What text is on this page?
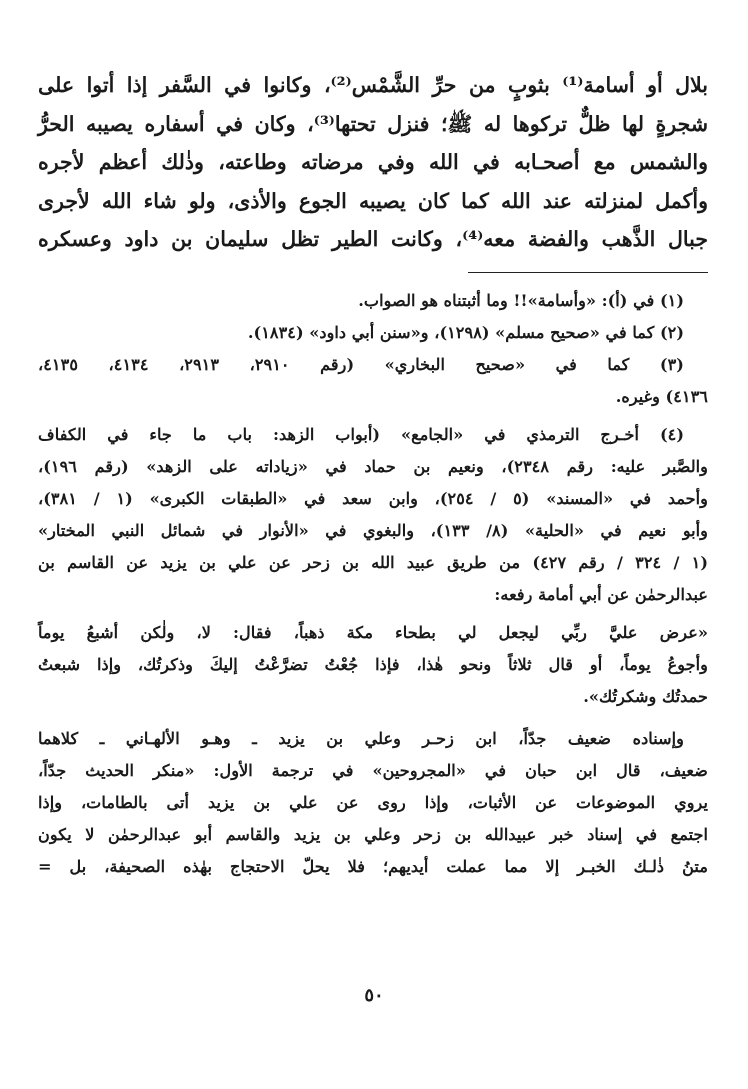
بلال أو أسامة⁽¹⁾ بثوبٍ من حرِّ الشَّمْس⁽²⁾، وكانوا في السَّفر إذا أتوا على

شجرةٍ لها ظلٌّ تركوها له ﷺ؛ فنزل تحتها⁽³⁾، وكان في أسفاره يصيبه الحرُّ

والشمس مع أصحـابه في الله وفي مرضاته وطاعته، وذٰلك أعظم لأجره

وأكمل لمنزلته عند الله كما كان يصيبه الجوع والأذى، ولو شاء الله لأجرى

جبال الذَّهب والفضة معه⁽⁴⁾، وكانت الطير تظل سليمان بن داود وعسكره

(١) في (أ): «وأسامة»!! وما أثبتناه هو الصواب.

(٢) كما في «صحيح مسلم» (١٢٩٨)، و«سنن أبي داود» (١٨٣٤).

(٣) كما في «صحيح البخاري» (رقم ٢٩١٠، ٢٩١٣، ٤١٣٤، ٤١٣٥،

٤١٣٦) وغيره.

(٤) أخـرج الترمذي في «الجامع» (أبواب الزهد: باب ما جاء في الكفاف

والصَّبر عليه: رقم ٢٣٤٨)، ونعيم بن حماد في «زياداته على الزهد» (رقم ١٩٦)،

وأحمد في «المسند» (٥ / ٢٥٤)، وابن سعد في «الطبقات الكبرى» (١ / ٣٨١)،

وأبو نعيم في «الحلية» (٨/ ١٣٣)، والبغوي في «الأنوار في شمائل النبي المختار»

(١ / ٣٢٤ / رقم ٤٢٧) من طريق عبيد الله بن زحر عن علي بن يزيد عن القاسم بن

عبدالرحمٰن عن أبي أمامة رفعه:

«عرض عليَّ ربِّي ليجعل لي بطحاء مكة ذهباً، فقال: لا، ولٰكن أشبعُ يوماً

وأجوعُ يوماً، أو قال ثلاثاً ونحو هٰذا، فإذا جُعْتُ تضرَّعْتُ إليكَ وذكرتُك، وإذا شبعتُ

حمدتُك وشكرتُك».

وإسناده ضعيف جدّاً، ابن زحـر وعلي بن يزيد ـ وهـو الألهـاني ـ كلاهما

ضعيف، قال ابن حبان في «المجروحين» في ترجمة الأول: «منكر الحديث جدّاً،

يروي الموضوعات عن الأثبات، وإذا روى عن علي بن يزيد أتى بالطامات، وإذا

اجتمع في إسناد خبر عبيدالله بن زحر وعلي بن يزيد والقاسم أبو عبدالرحمٰن لا يكون

متنُ ذٰلـك الخبـر إلا مما عملت أيديهم؛ فلا يحلّ الاحتجاج بهٰذه الصحيفة، بل =

٥٠
